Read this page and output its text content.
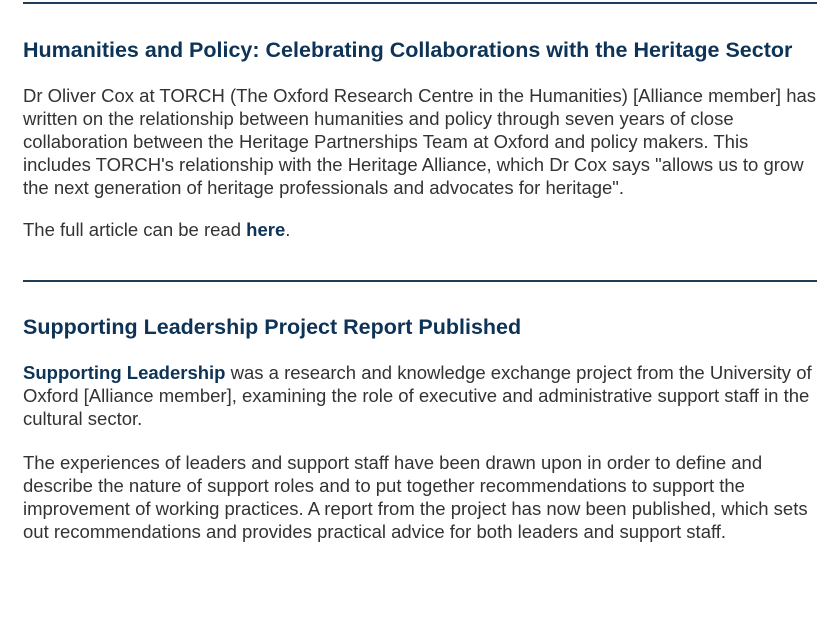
Humanities and Policy: Celebrating Collaborations with the Heritage Sector

Dr Oliver Cox at TORCH (The Oxford Research Centre in the Humanities) [Alliance member] has written on the relationship between humanities and policy through seven years of close collaboration between the Heritage Partnerships Team at Oxford and policy makers. This includes TORCH's relationship with the Heritage Alliance, which Dr Cox says "allows us to grow the next generation of heritage professionals and advocates for heritage".

The full article can be read here.

Supporting Leadership Project Report Published

Supporting Leadership was a research and knowledge exchange project from the University of Oxford [Alliance member], examining the role of executive and administrative support staff in the cultural sector.

The experiences of leaders and support staff have been drawn upon in order to define and describe the nature of support roles and to put together recommendations to support the improvement of working practices. A report from the project has now been published, which sets out recommendations and provides practical advice for both leaders and support staff.
